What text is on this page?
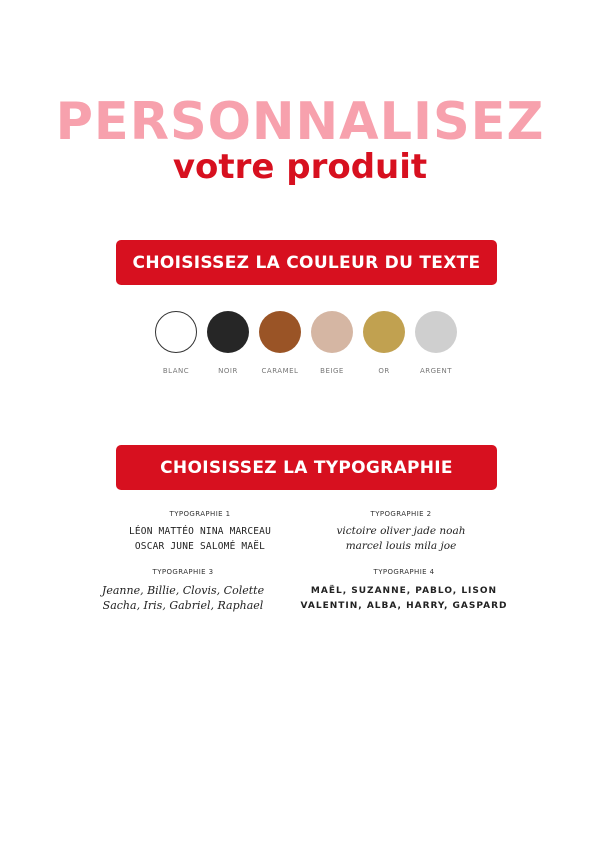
PERSONNALISEZ
votre produit
CHOISISSEZ LA COULEUR DU TEXTE
BLANC	NOIR	CARAMEL	BEIGE	OR	ARGENT
CHOISISSEZ LA TYPOGRAPHIE
TYPOGRAPHIE 1
LÉON MATTÉO NINA MARCEAU
OSCAR JUNE SALOMÉ MAËL
TYPOGRAPHIE 2
victoire oliver jade noah
marcel louis mila joe
TYPOGRAPHIE 3
Jeanne, Billie, Clovis, Colette
Sacha, Iris, Gabriel, Raphael
TYPOGRAPHIE 4
MAËL, SUZANNE, PABLO, LISON
VALENTIN, ALBA, HARRY, GASPARD
